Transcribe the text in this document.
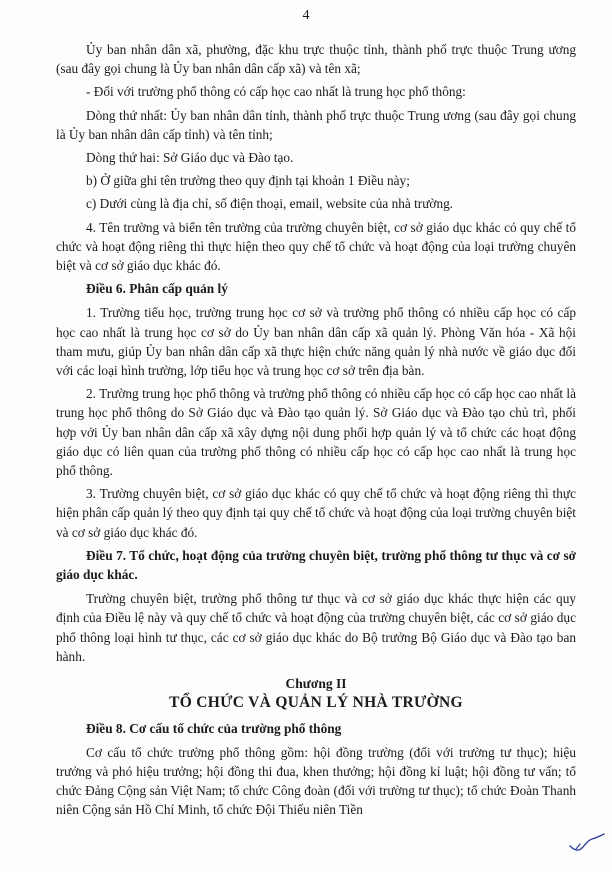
4

Ủy ban nhân dân xã, phường, đặc khu trực thuộc tỉnh, thành phố trực thuộc Trung ương (sau đây gọi chung là Ủy ban nhân dân cấp xã) và tên xã;

- Đối với trường phổ thông có cấp học cao nhất là trung học phổ thông:

Dòng thứ nhất: Ủy ban nhân dân tỉnh, thành phố trực thuộc Trung ương (sau đây gọi chung là Ủy ban nhân dân cấp tỉnh) và tên tỉnh;

Dòng thứ hai: Sở Giáo dục và Đào tạo.

b) Ở giữa ghi tên trường theo quy định tại khoản 1 Điều này;

c) Dưới cùng là địa chỉ, số điện thoại, email, website của nhà trường.

4. Tên trường và biển tên trường của trường chuyên biệt, cơ sở giáo dục khác có quy chế tổ chức và hoạt động riêng thì thực hiện theo quy chế tổ chức và hoạt động của loại trường chuyên biệt và cơ sở giáo dục khác đó.

Điều 6. Phân cấp quản lý

1. Trường tiểu học, trường trung học cơ sở và trường phổ thông có nhiều cấp học có cấp học cao nhất là trung học cơ sở do Ủy ban nhân dân cấp xã quản lý. Phòng Văn hóa - Xã hội tham mưu, giúp Ủy ban nhân dân cấp xã thực hiện chức năng quản lý nhà nước về giáo dục đối với các loại hình trường, lớp tiểu học và trung học cơ sở trên địa bàn.

2. Trường trung học phổ thông và trường phổ thông có nhiều cấp học có cấp học cao nhất là trung học phổ thông do Sở Giáo dục và Đào tạo quản lý. Sở Giáo dục và Đào tạo chủ trì, phối hợp với Ủy ban nhân dân cấp xã xây dựng nội dung phối hợp quản lý và tổ chức các hoạt động giáo dục có liên quan của trường phổ thông có nhiều cấp học có cấp học cao nhất là trung học phổ thông.

3. Trường chuyên biệt, cơ sở giáo dục khác có quy chế tổ chức và hoạt động riêng thì thực hiện phân cấp quản lý theo quy định tại quy chế tổ chức và hoạt động của loại trường chuyên biệt và cơ sở giáo dục khác đó.

Điều 7. Tổ chức, hoạt động của trường chuyên biệt, trường phổ thông tư thục và cơ sở giáo dục khác.

Trường chuyên biệt, trường phổ thông tư thục và cơ sở giáo dục khác thực hiện các quy định của Điều lệ này và quy chế tổ chức và hoạt động của trường chuyên biệt, các cơ sở giáo dục phổ thông loại hình tư thục, các cơ sở giáo dục khác do Bộ trưởng Bộ Giáo dục và Đào tạo ban hành.

Chương II

TỔ CHỨC VÀ QUẢN LÝ NHÀ TRƯỜNG

Điều 8. Cơ cấu tổ chức của trường phổ thông

Cơ cấu tổ chức trường phổ thông gồm: hội đồng trường (đối với trường tư thục); hiệu trưởng và phó hiệu trưởng; hội đồng thi đua, khen thưởng; hội đồng kỉ luật; hội đồng tư vấn; tổ chức Đảng Cộng sản Việt Nam; tổ chức Công đoàn (đối với trường tư thục); tổ chức Đoàn Thanh niên Cộng sản Hồ Chí Minh, tổ chức Đội Thiếu niên Tiền
